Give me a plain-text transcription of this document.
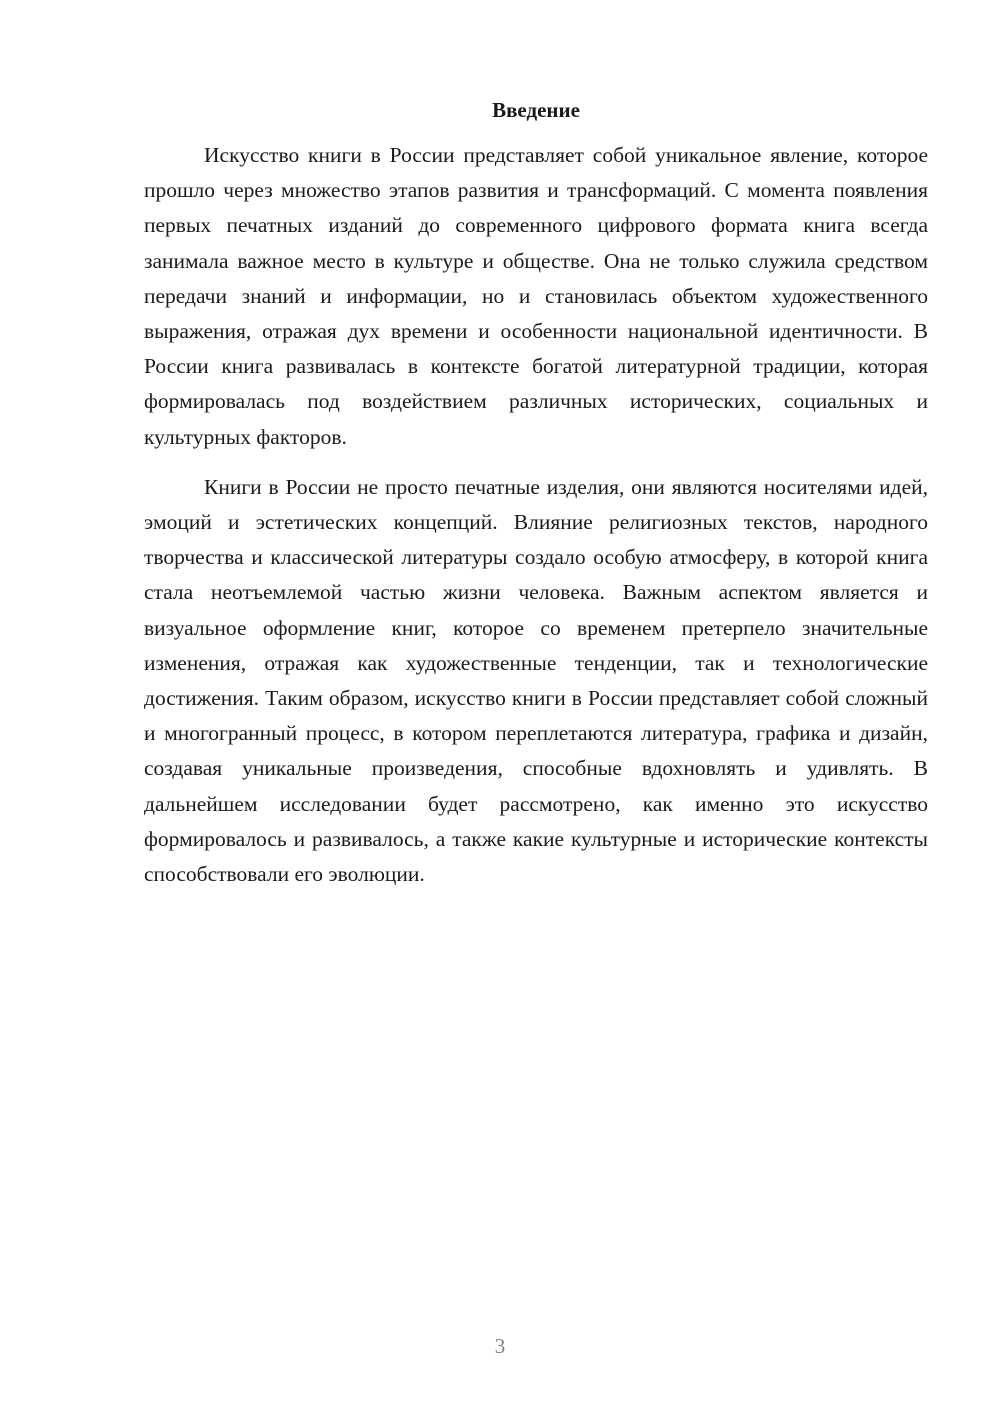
Введение

Искусство книги в России представляет собой уникальное явление, которое прошло через множество этапов развития и трансформаций. С момента появления первых печатных изданий до современного цифрового формата книга всегда занимала важное место в культуре и обществе. Она не только служила средством передачи знаний и информации, но и становилась объектом художественного выражения, отражая дух времени и особенности национальной идентичности. В России книга развивалась в контексте богатой литературной традиции, которая формировалась под воздействием различных исторических, социальных и культурных факторов.

Книги в России не просто печатные изделия, они являются носителями идей, эмоций и эстетических концепций. Влияние религиозных текстов, народного творчества и классической литературы создало особую атмосферу, в которой книга стала неотъемлемой частью жизни человека. Важным аспектом является и визуальное оформление книг, которое со временем претерпело значительные изменения, отражая как художественные тенденции, так и технологические достижения. Таким образом, искусство книги в России представляет собой сложный и многогранный процесс, в котором переплетаются литература, графика и дизайн, создавая уникальные произведения, способные вдохновлять и удивлять. В дальнейшем исследовании будет рассмотрено, как именно это искусство формировалось и развивалось, а также какие культурные и исторические контексты способствовали его эволюции.

3
